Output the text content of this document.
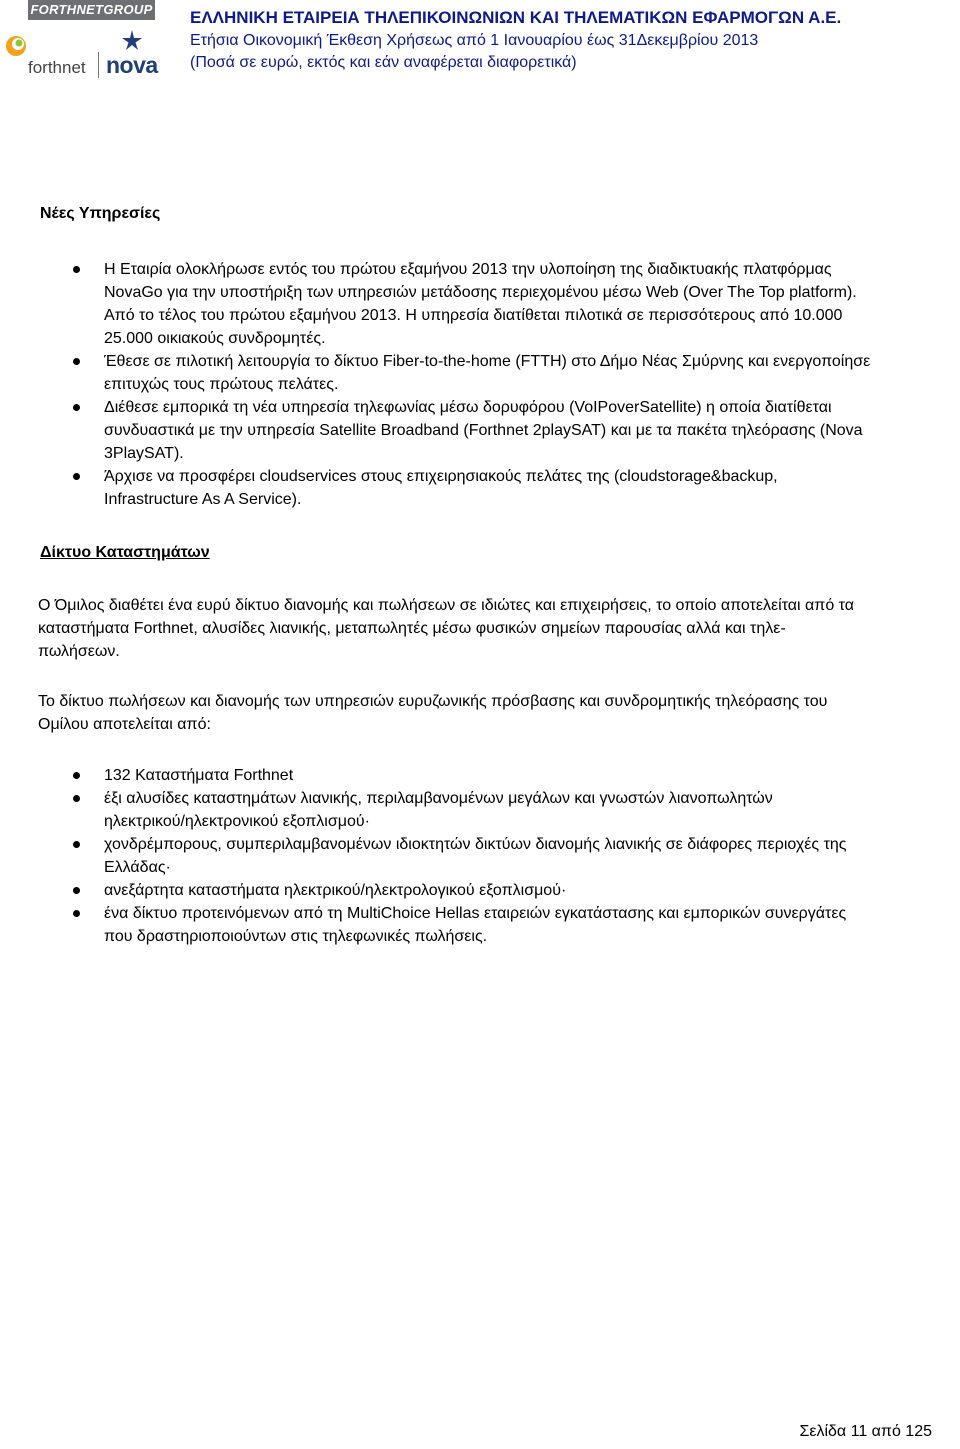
FORTHNETGROUP
forthnet nova
ΕΛΛΗΝΙΚΗ ΕΤΑΙΡΕΙΑ ΤΗΛΕΠΙΚΟΙΝΩΝΙΩΝ ΚΑΙ ΤΗΛΕΜΑΤΙΚΩΝ ΕΦΑΡΜΟΓΩΝ Α.Ε.
Ετήσια Οικονομική Έκθεση Χρήσεως από 1 Ιανουαρίου έως 31Δεκεμβρίου 2013
(Ποσά σε ευρώ, εκτός και εάν αναφέρεται διαφορετικά)
Νέες Υπηρεσίες
Η Εταιρία ολοκλήρωσε εντός του πρώτου εξαμήνου 2013 την υλοποίηση της διαδικτυακής πλατφόρμας
NovaGo για την υποστήριξη των υπηρεσιών μετάδοσης περιεχομένου μέσω Web (Over The Top platform).
Από το τέλος του πρώτου εξαμήνου 2013. Η υπηρεσία διατίθεται πιλοτικά σε περισσότερους από 10.000
25.000 οικιακούς συνδρομητές.
Έθεσε σε πιλοτική λειτουργία το δίκτυο Fiber-to-the-home (FTTH) στο Δήμο Νέας Σμύρνης και ενεργοποίησε
επιτυχώς τους πρώτους πελάτες.
Διέθεσε εμπορικά τη νέα υπηρεσία τηλεφωνίας μέσω δορυφόρου (VoIPoverSatellite) η οποία διατίθεται
συνδυαστικά με την υπηρεσία Satellite Broadband (Forthnet 2playSAT) και με τα πακέτα τηλεόρασης (Nova
3PlaySAT).
Άρχισε να προσφέρει cloudservices στους επιχειρησιακούς πελάτες της (cloudstorage&backup,
Infrastructure As A Service).
Δίκτυο Καταστημάτων
Ο Όμιλος διαθέτει ένα ευρύ δίκτυο διανομής και πωλήσεων σε ιδιώτες και επιχειρήσεις, το οποίο αποτελείται από τα
καταστήματα Forthnet, αλυσίδες λιανικής, μεταπωλητές μέσω φυσικών σημείων παρουσίας αλλά και τηλε-
πωλήσεων.
Το δίκτυο πωλήσεων και διανομής των υπηρεσιών ευρυζωνικής πρόσβασης και συνδρομητικής τηλεόρασης του
Ομίλου αποτελείται από:
132 Καταστήματα Forthnet
έξι αλυσίδες καταστημάτων λιανικής, περιλαμβανομένων μεγάλων και γνωστών λιανοπωλητών
ηλεκτρικού/ηλεκτρονικού εξοπλισμού·
χονδρέμπορους, συμπεριλαμβανομένων ιδιοκτητών δικτύων διανομής λιανικής σε διάφορες περιοχές της
Ελλάδας·
ανεξάρτητα καταστήματα ηλεκτρικού/ηλεκτρολογικού εξοπλισμού·
ένα δίκτυο προτεινόμενων από τη MultiChoice Hellas εταιρειών εγκατάστασης και εμπορικών συνεργάτες
που δραστηριοποιούντων στις τηλεφωνικές πωλήσεις.
Σελίδα 11 από 125
